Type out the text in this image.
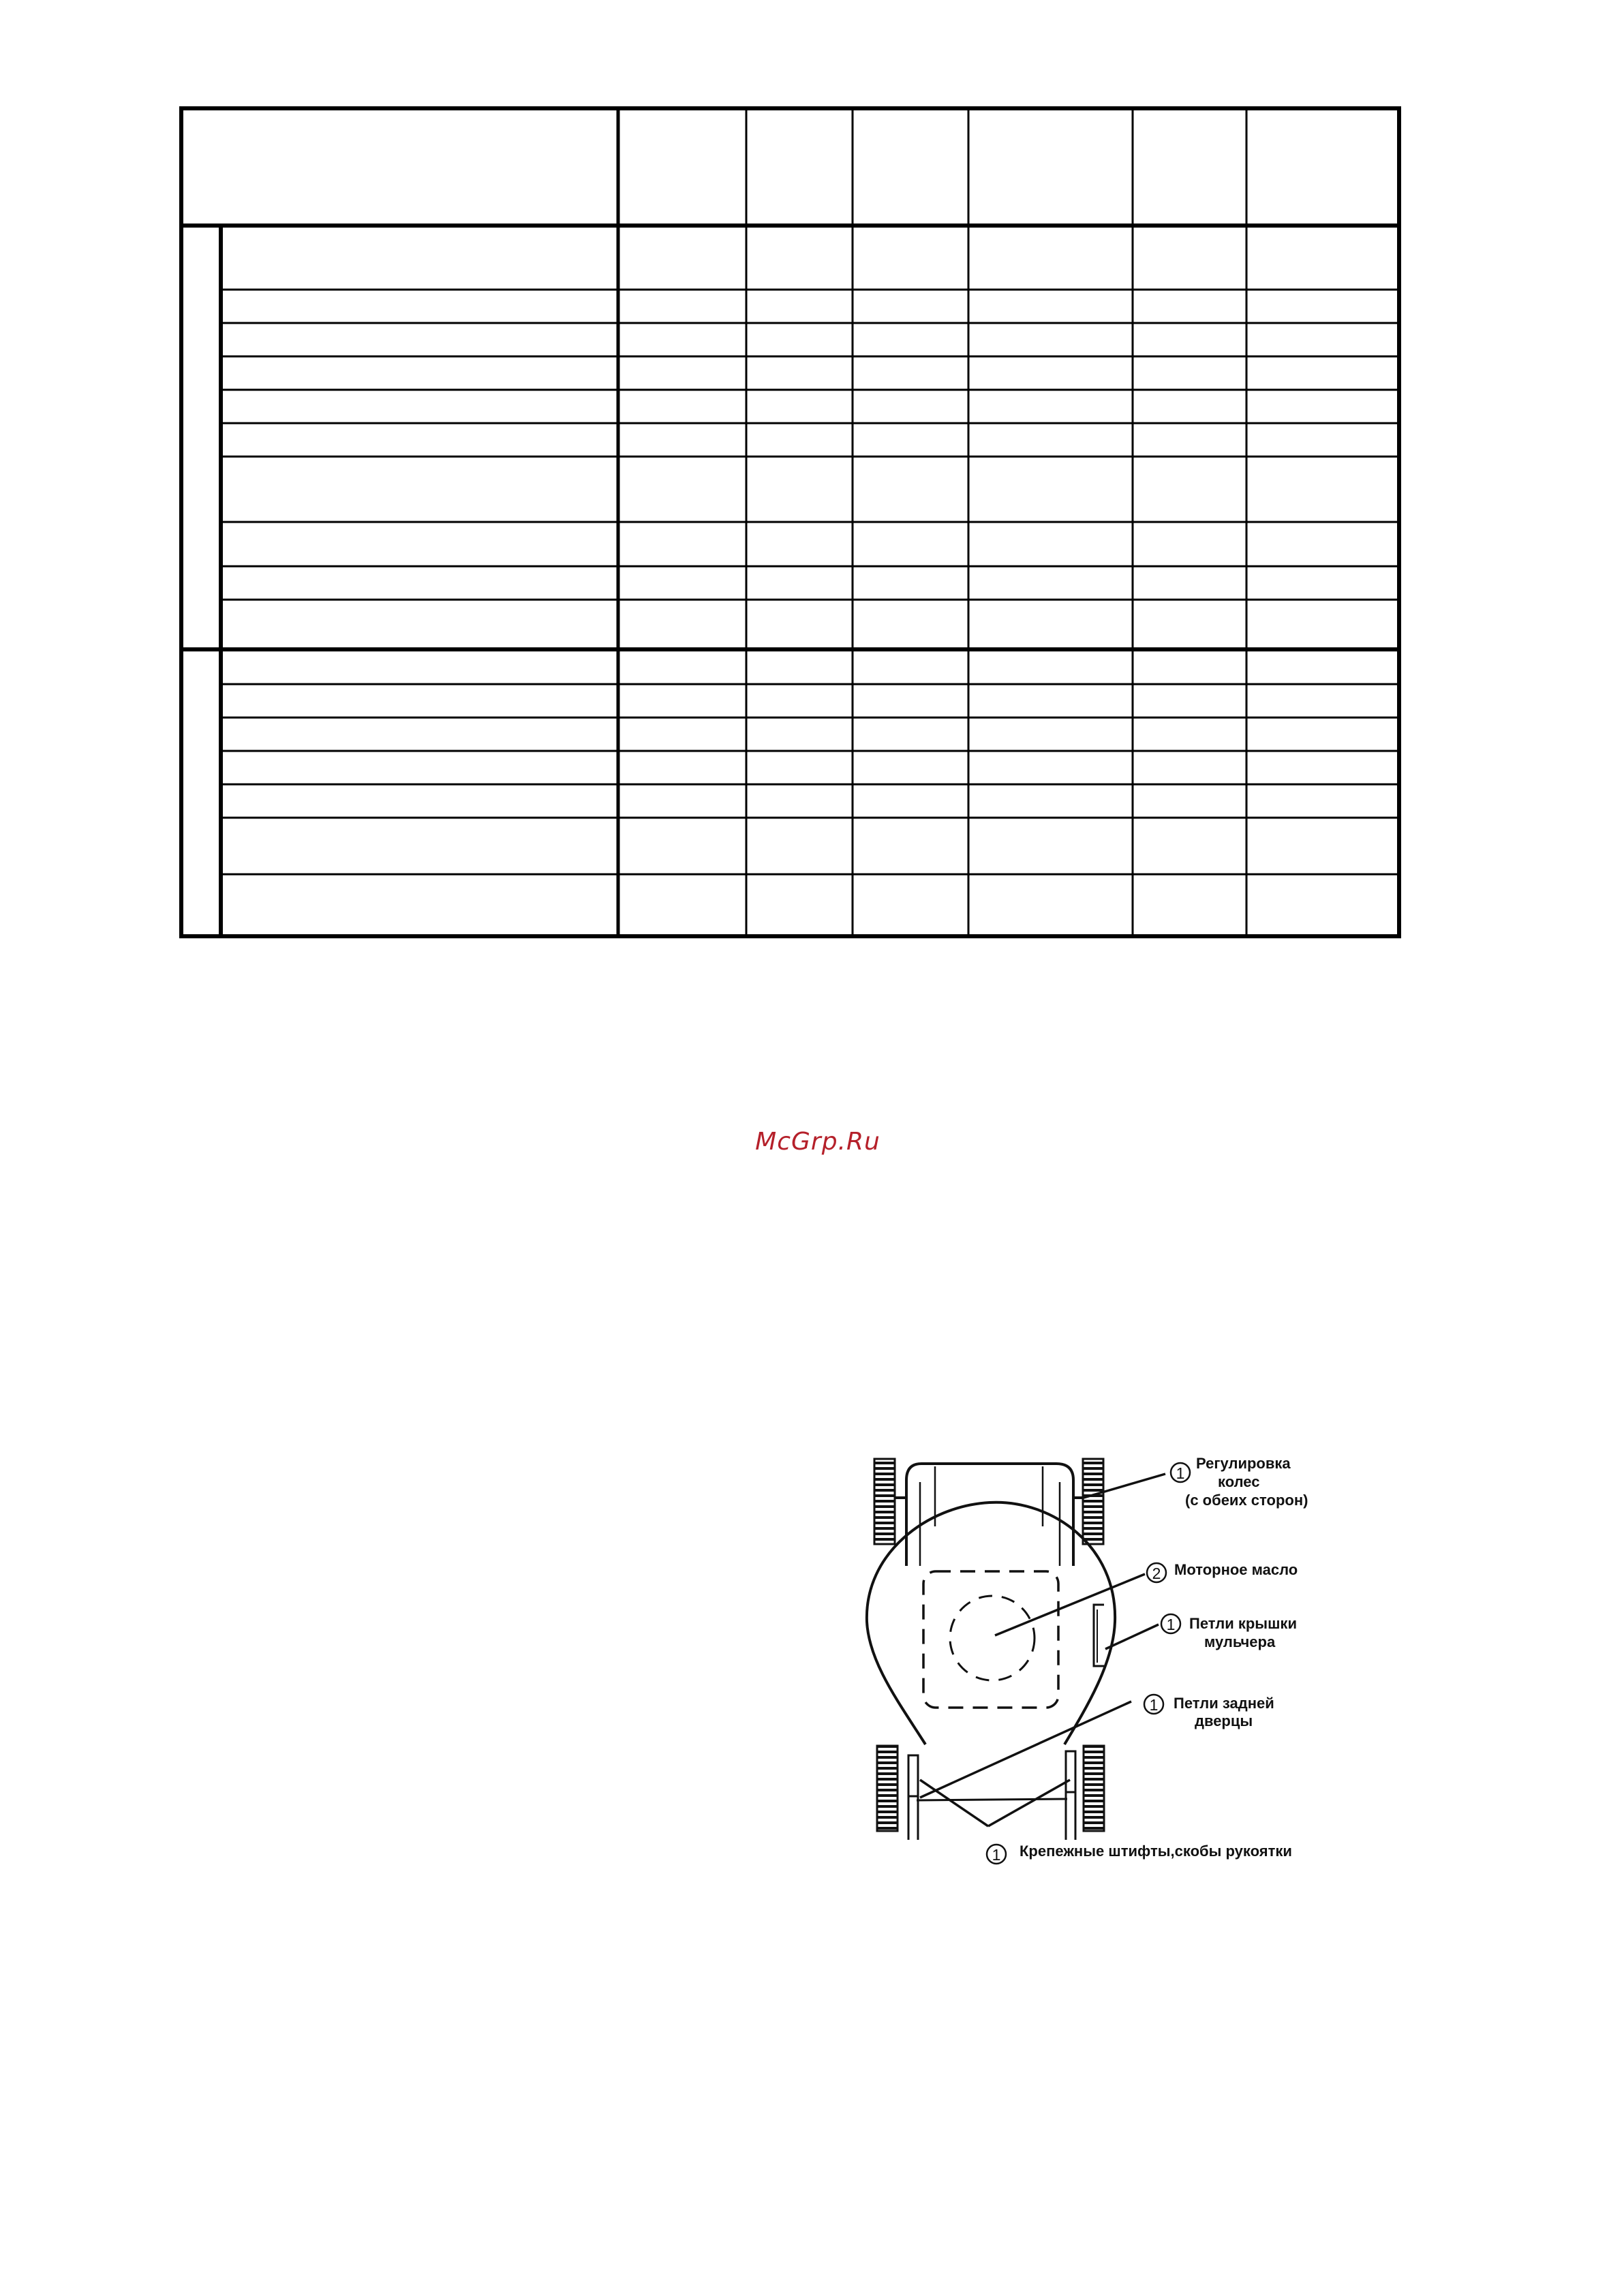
McGrp.Ru
1
2
1
1
1
Регулировка
колес
(с обеих сторон)
Моторное масло
Петли крышки
мульчера
Петли задней
дверцы
Крепежные штифты,скобы рукоятки
